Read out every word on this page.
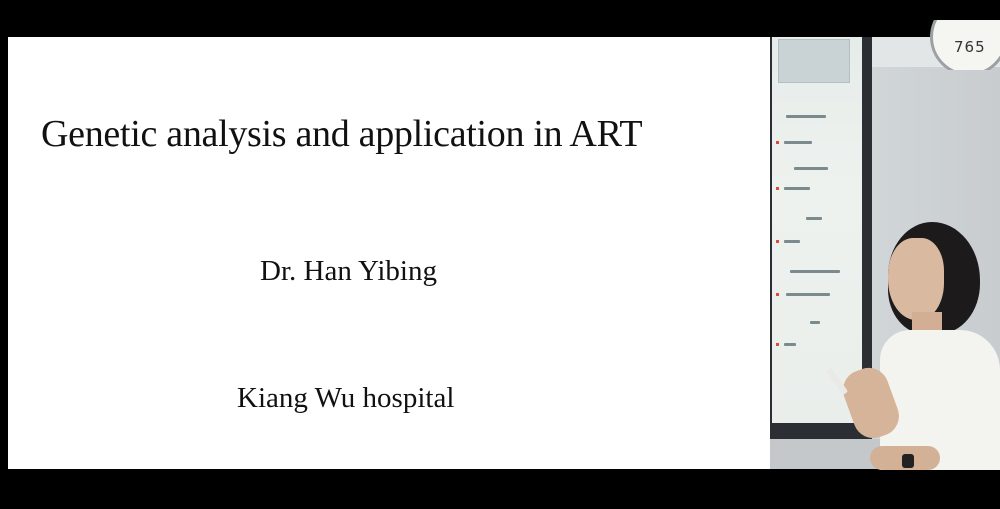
Genetic analysis and application in ART
Dr. Han Yibing
Kiang Wu hospital
765
